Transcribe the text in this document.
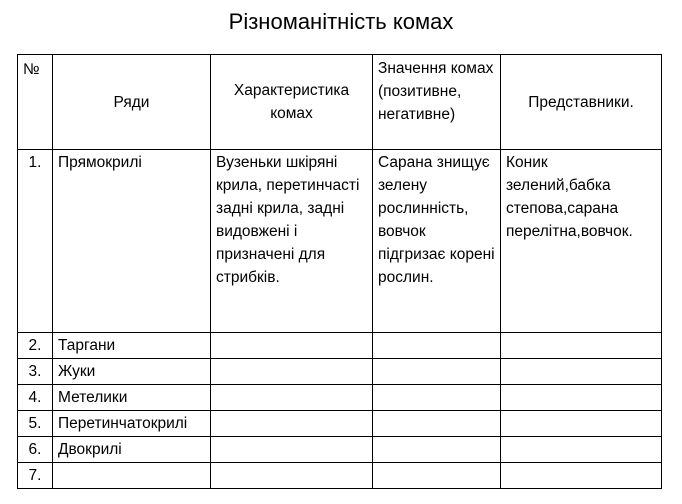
Різноманітність комах
№	Ряди	Характеристика комах	Значення комах (позитивне, негативне)	Представники.
1.	Прямокрилі	Вузеньки шкіряні крила, перетинчасті задні крила, задні видовжені і призначені для стрибків.	Сарана знищує зелену рослинність, вовчок підгризає корені рослин.	Коник зелений,бабка степова,сарана перелітна,вовчок.
2.	Таргани			
3.	Жуки			
4.	Метелики			
5.	Перетинчатокрилі			
6.	Двокрилі			
7.				
